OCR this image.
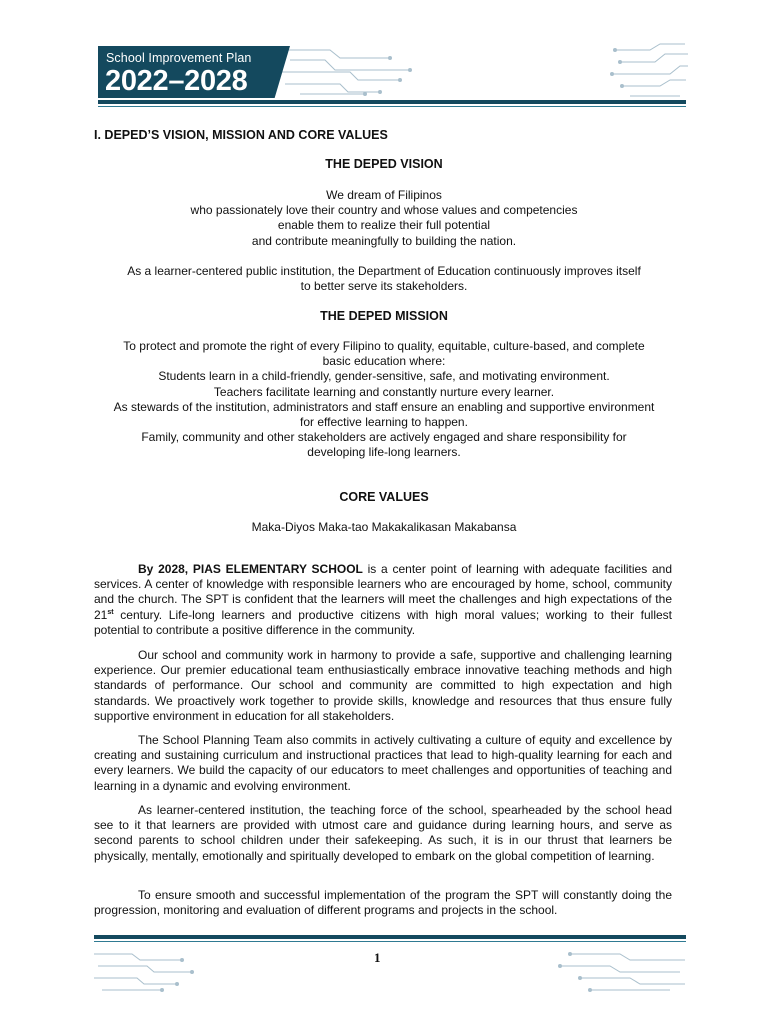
School Improvement Plan
2022–2028
I. DEPED’S VISION, MISSION AND CORE VALUES
THE DEPED VISION

We dream of Filipinos

who passionately love their country and whose values and competencies

enable them to realize their full potential

and contribute meaningfully to building the nation.

As a learner-centered public institution, the Department of Education continuously improves itself

to better serve its stakeholders.

THE DEPED MISSION

To protect and promote the right of every Filipino to quality, equitable, culture-based, and complete

basic education where:

Students learn in a child-friendly, gender-sensitive, safe, and motivating environment.

Teachers facilitate learning and constantly nurture every learner.

As stewards of the institution, administrators and staff ensure an enabling and supportive environment

for effective learning to happen.

Family, community and other stakeholders are actively engaged and share responsibility for

developing life-long learners.

CORE VALUES
Maka-Diyos Maka-tao Makakalikasan Makabansa

By 2028, PIAS ELEMENTARY SCHOOL is a center point of learning with adequate facilities and services. A center of knowledge with responsible learners who are encouraged by home, school, community and the church. The SPT is confident that the learners will meet the challenges and high expectations of the 21st century. Life-long learners and productive citizens with high moral values; working to their fullest potential to contribute a positive difference in the community.

Our school and community work in harmony to provide a safe, supportive and challenging learning experience. Our premier educational team enthusiastically embrace innovative teaching methods and high standards of performance. Our school and community are committed to high expectation and high standards. We proactively work together to provide skills, knowledge and resources that thus ensure fully supportive environment in education for all stakeholders.

The School Planning Team also commits in actively cultivating a culture of equity and excellence by creating and sustaining curriculum and instructional practices that lead to high-quality learning for each and every learners. We build the capacity of our educators to meet challenges and opportunities of teaching and learning in a dynamic and evolving environment.

As learner-centered institution, the teaching force of the school, spearheaded by the school head see to it that learners are provided with utmost care and guidance during learning hours, and serve as second parents to school children under their safekeeping. As such, it is in our thrust that learners be physically, mentally, emotionally and spiritually developed to embark on the global competition of learning.

To ensure smooth and successful implementation of the program the SPT will constantly doing the progression, monitoring and evaluation of different programs and projects in the school.

1
